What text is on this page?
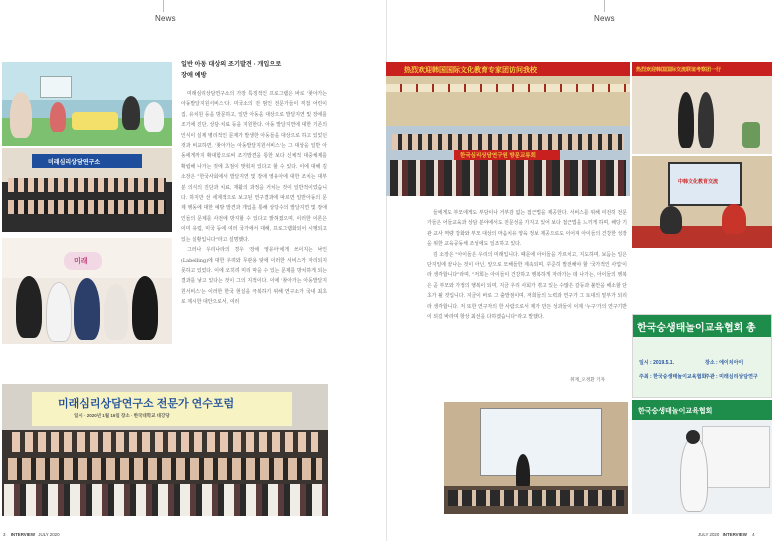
News	News
미래심리상담연구소
미래
미래심리상담연구소 전문가 연수포럼
일시 · 2020년 1월 16일 장소 · 한국대학교 대강당
일반 아동 대상의 조기발견 · 개입으로
장애 예방
미래심리상담연구소의 가장 특징적인 프로그램은 바로 '찾아가는 아동발달지원서비스'다. 미국소의 전 범인 전문가들이 직접 어린이집, 유치원 등을 방문하고, 일반 아동을 대상으로 발달지연 및 장애를 조기에 진단, 상담·치료 등을 지원한다. 아동 발달지연에 대한 기존의 인식이 실제 병리적인 문제가 발생한 아동들을 대상으로 하고 있었던 것과 비교하면, '찾아가는 아동발달지원서비스'는 그 대상을 일반 아동에게까지 확대함으로써 조기발견을 통한 보다 신체적 대중체제를 확립해 나가는 것에 초점이 맞춰져 있다고 할 수 있다. 이에 대해 김 소장은 "한국사회에서 발달지연 및 장애 영유아에 대한 조치는 대부분 의식의 진단과 치료, 재활의 과정을 거치는 것이 일반적이었습니다. 하지만 선 세계적으로 보고된 연구결과에 따르면 일반아동의 문제 행동에 대한 예방 발견과 개입을 통해 상당수의 발달지연 및 장애인들의 문제를 사전에 방지할 수 있다고 밝혀졌으며, 이러한 이론은 이미 유럽, 미국 등에 여러 국가에서 대해, 프로그램화되어 시행되고 있는 실황입니다"라고 설명했다.
그러나 우리나라의 경우 '장애 영유아'에게 쓰이지는 낙인(Labelling)에 대한 우려와 무관용 탓에 이러한 서비스가 자리되지 못하고 있었다. 이에 오히려 미리 막을 수 있는 문제를 방치하게 되는 결과를 낳고 있다는 것이 그의 지적이다. 이에 '찾아가는 아동발달지원서비스'는 이러한 한국 현실을 극복하기 위해 연구소가 국내 최초로 제시한 대안으로서, 여러
热烈欢迎韩国国际文化教育专家团访问我校
한국심리상담연구원 방문교류회
热烈欢迎韩国国际交流联谊考察团一行
中韩文化教育交流
들에게도 부모에게도 부담이나 거부감 없는 접근법을 제공한다. 서비스를 위해 여전히 전문가들은 어들교육과 상담 분야에서도 전문성을 가지고 있어 보다 접근법을 느끼게 하며, 해당 기관 교사 역량 강화와 부모 대상의 마음치유 양육 정보 제공으로도 이어져 아이들의 건강한 성장을 위한 교육공동체 조성에도 일조하고 있다.
김 소장은 "아이들은 우리의 미래입니다. 때문에 아이들을 가르치고, 지도하며, 보듬는 일은 단지일에 끝나는 것이 아닌, 앞으로 모해들한 계속되며, 꾸준히 발전해야 할 '국가적인 사업'이라 생각합니다"라며, "저희는 아이들이 건강하고 행복하게 자라가는 데 나가는, 아이들의 행복은 곧 부모와 가정의 행복이 되며, 지금 우리 사회가 겪고 있는 수많은 갈등과 불안을 해소할 단초가 될 것입니다. 지금이 바로 그 출발점이며, 저희들의 노력과 연구가 그 토대의 밑부가 되리라 생각합니다. 저 또한 연구자의 한 사람으로서 제가 만든 성과들이 이제 '누구'가의 연구기반이 되길 바라며 항상 최선을 다하겠습니다"라고 말했다.
취재_오정환 기자
한국숭생태놀이교육협회 총
일시 : 2019.5.1.	장소 : 에이치아이
주최 : 한국숭생태놀이교육협회
주관 : 미래심리상담연구
한국숭생태놀이교육협회
3 INTERVIEW JULY 2020	JULY 2020 INTERVIEW 4
